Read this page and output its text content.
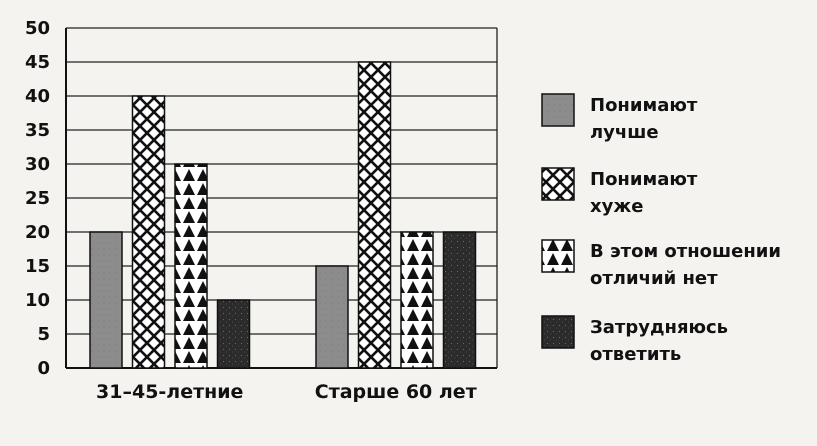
0
5
10
15
20
25
30
35
40
45
50
31–45-летние	Старше 60 лет
Понимают
лучше
Понимают
хуже
В этом отношении
отличий нет
Затрудняюсь
ответить
